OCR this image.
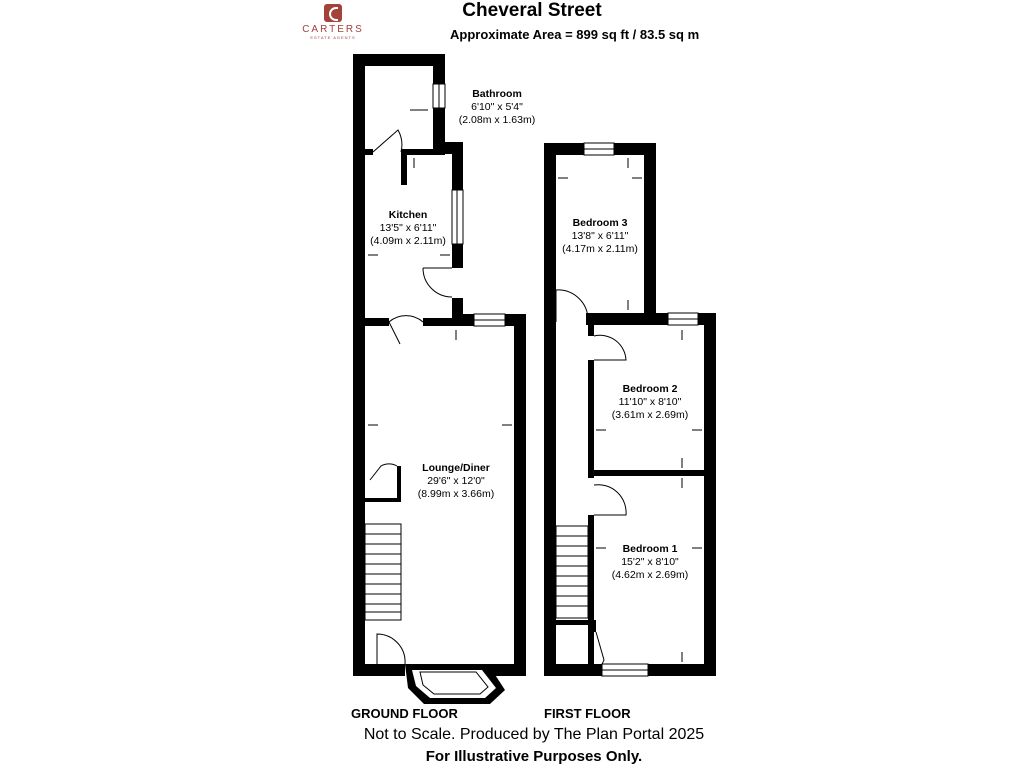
CARTERS
ESTATE AGENTS
Cheveral Street
Approximate Area = 899 sq ft / 83.5 sq m
Bathroom
6'10" x 5'4"
(2.08m x 1.63m)
Kitchen
13'5" x 6'11"
(4.09m x 2.11m)
Lounge/Diner
29'6" x 12'0"
(8.99m x 3.66m)
Bedroom 3
13'8" x 6'11"
(4.17m x 2.11m)
Bedroom 2
11'10" x 8'10"
(3.61m x 2.69m)
Bedroom 1
15'2" x 8'10"
(4.62m x 2.69m)
GROUND FLOOR	FIRST FLOOR
Not to Scale. Produced by The Plan Portal 2025
For Illustrative Purposes Only.
